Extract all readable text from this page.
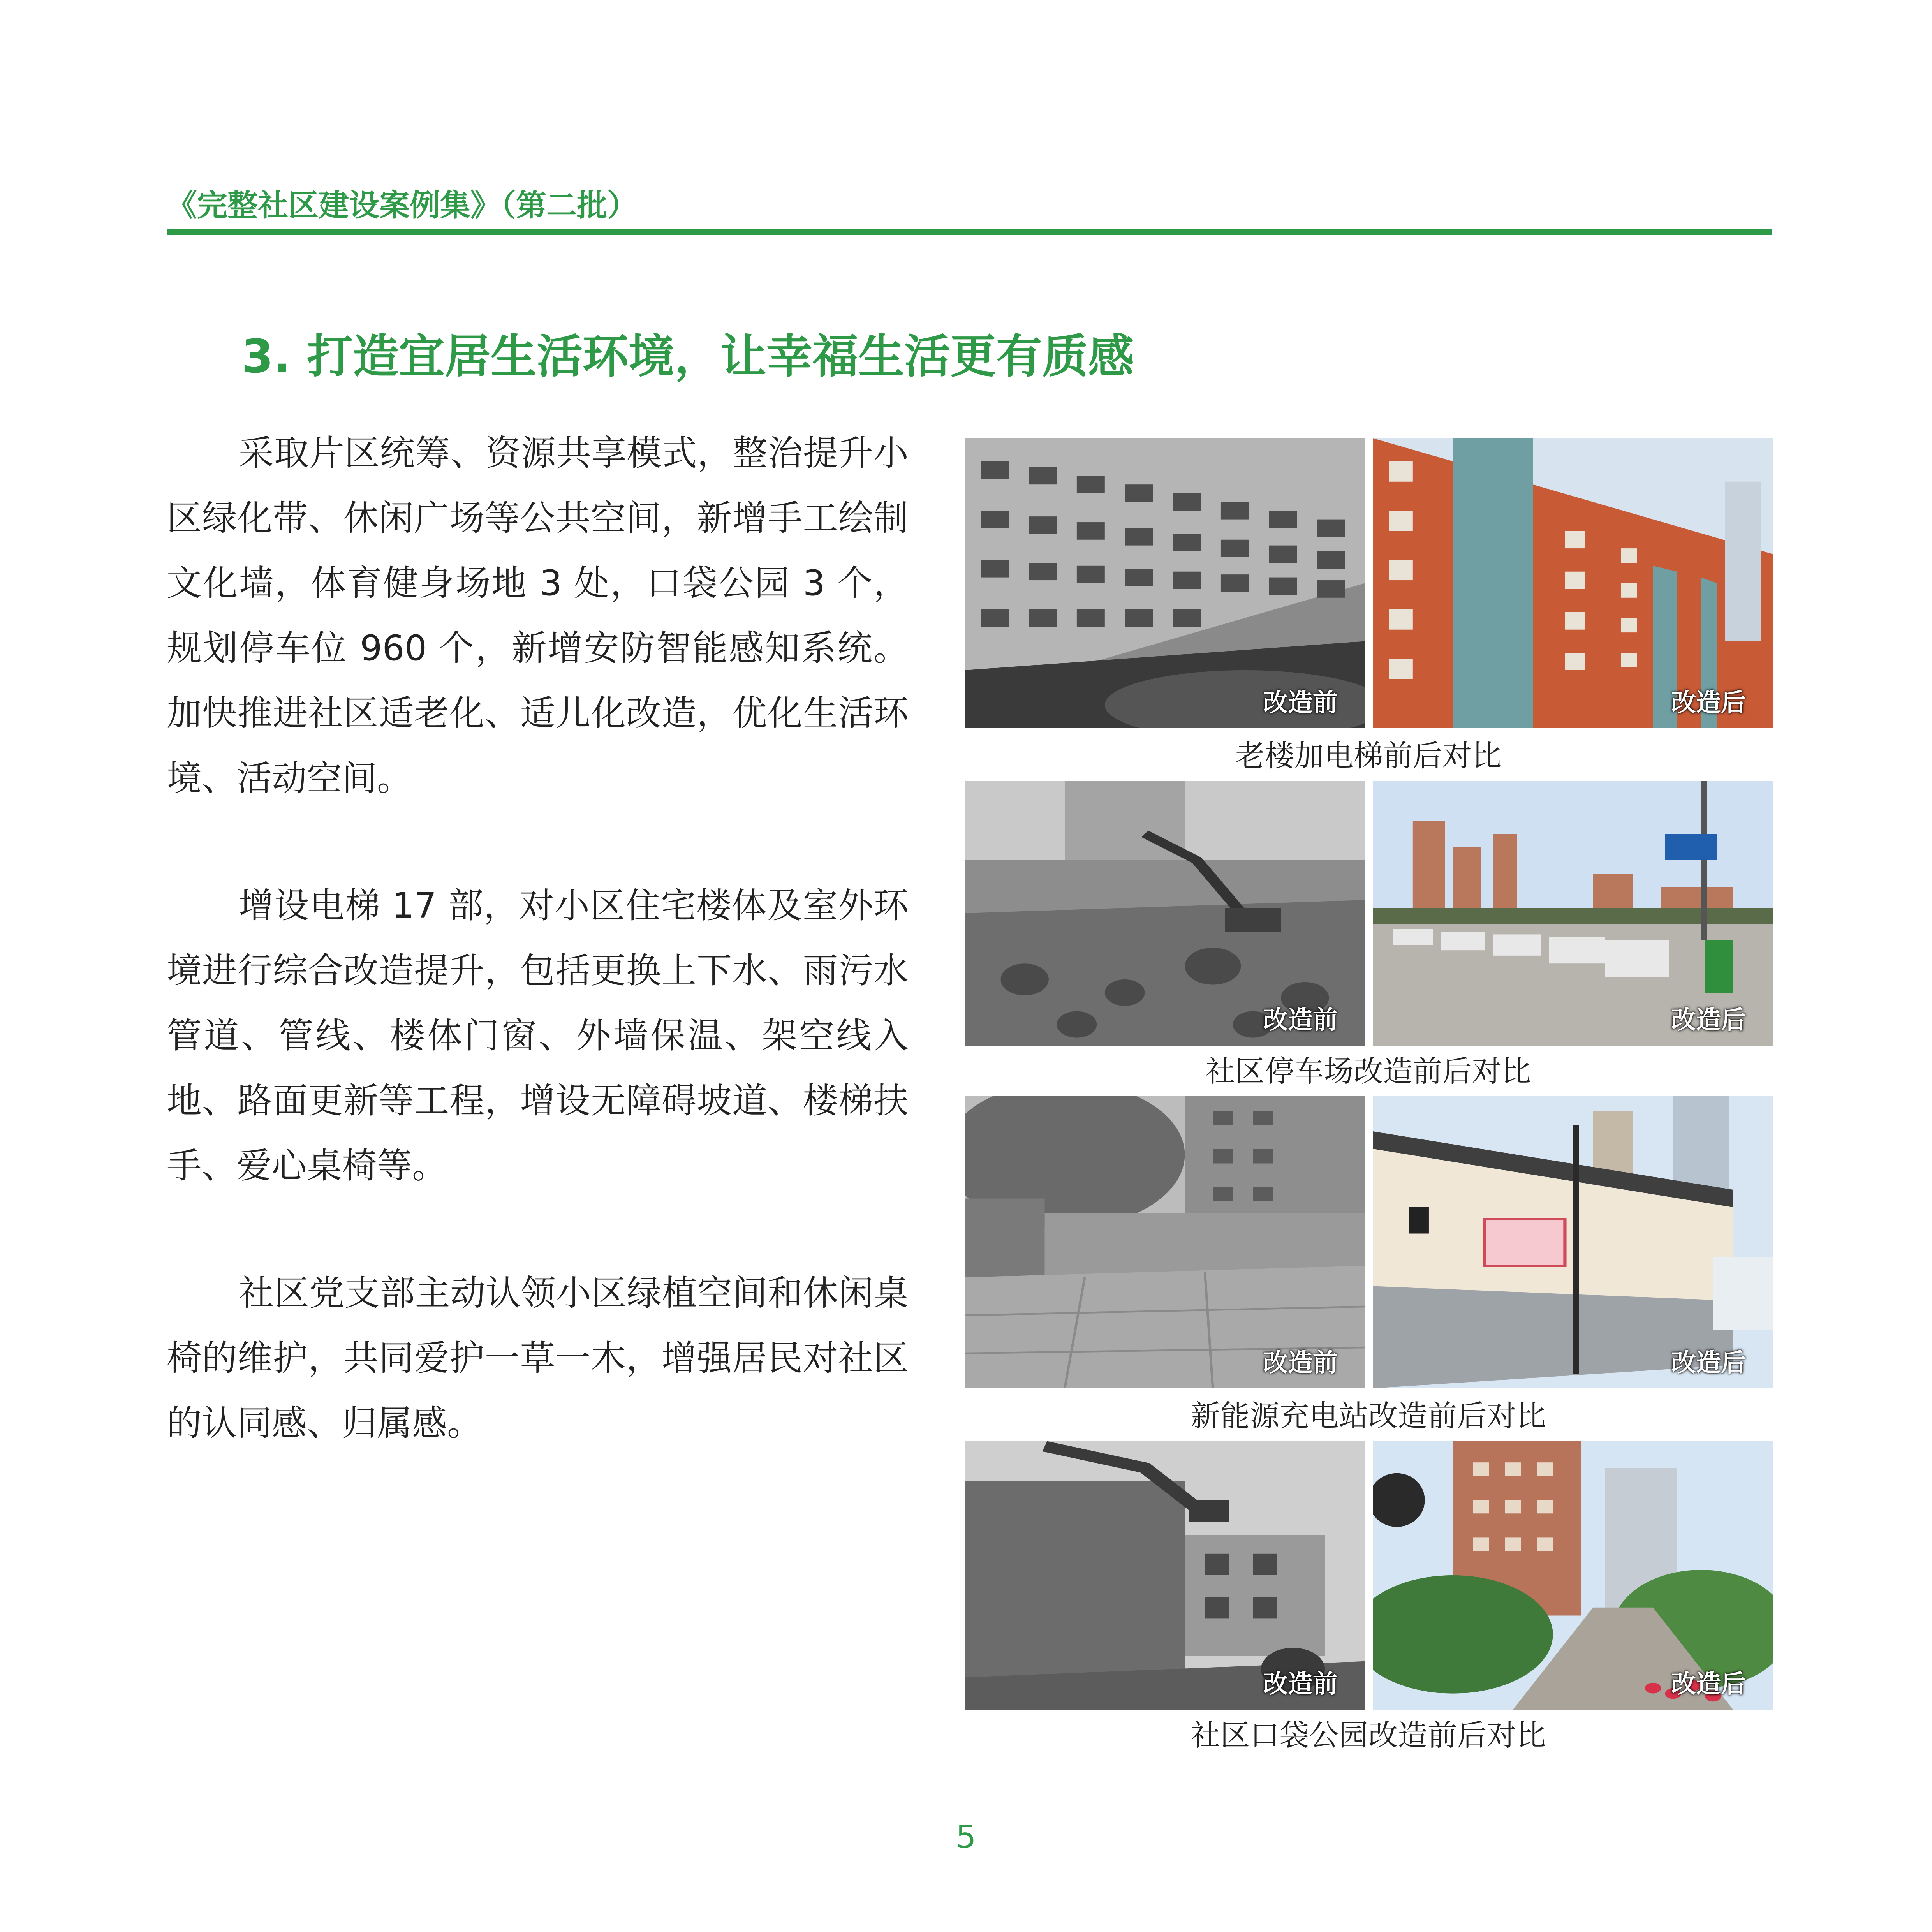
《完整社区建设案例集》（第二批）
3. 打造宜居生活环境，让幸福生活更有质感

采取片区统筹、资源共享模式，整治提升小区绿化带、休闲广场等公共空间，新增手工绘制文化墙，体育健身场地 3 处，口袋公园 3 个，规划停车位 960 个，新增安防智能感知系统。加快推进社区适老化、适儿化改造，优化生活环境、活动空间。

增设电梯 17 部，对小区住宅楼体及室外环境进行综合改造提升，包括更换上下水、雨污水管道、管线、楼体门窗、外墙保温、架空线入地、路面更新等工程，增设无障碍坡道、楼梯扶手、爱心桌椅等。

社区党支部主动认领小区绿植空间和休闲桌椅的维护，共同爱护一草一木，增强居民对社区的认同感、归属感。

改造前	改造后
老楼加电梯前后对比
改造前	改造后
社区停车场改造前后对比
改造前	改造后
新能源充电站改造前后对比
改造前	改造后
社区口袋公园改造前后对比
5
